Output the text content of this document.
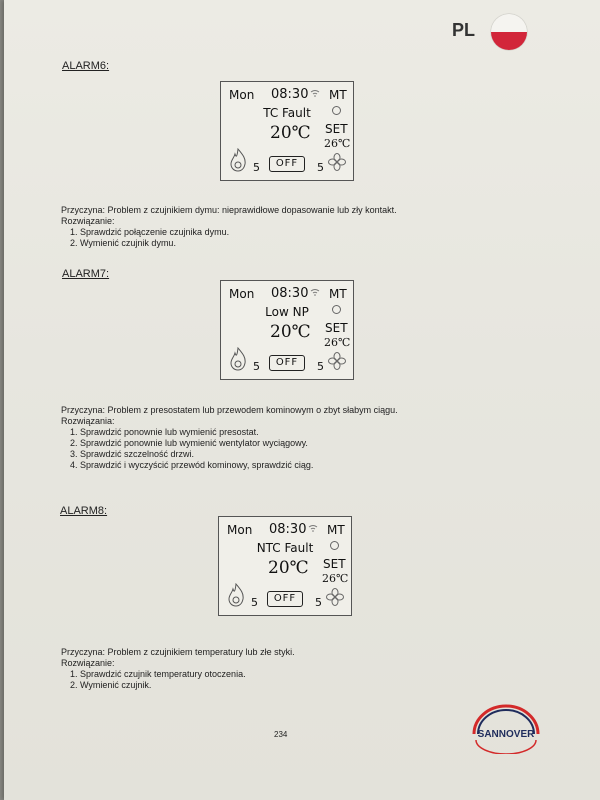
PL
ALARM6:
Mon 08:30 MT
TC Fault
20℃ SET
26℃
5	OFF	5

Przyczyna: Problem z czujnikiem dymu: nieprawidłowe dopasowanie lub zły kontakt.

Rozwiązanie:

1. Sprawdzić połączenie czujnika dymu.
2. Wymienić czujnik dymu.
ALARM7:
Mon 08:30 MT
Low NP
20℃ SET
26℃
5	OFF	5

Przyczyna: Problem z presostatem lub przewodem kominowym o zbyt słabym ciągu.

Rozwiązania:

1. Sprawdzić ponownie lub wymienić presostat.
2. Sprawdzić ponownie lub wymienić wentylator wyciągowy.
3. Sprawdzić szczelność drzwi.
4. Sprawdzić i wyczyścić przewód kominowy, sprawdzić ciąg.
ALARM8:
Mon 08:30 MT
NTC Fault
20℃ SET
26℃
5	OFF	5

Przyczyna: Problem z czujnikiem temperatury lub złe styki.

Rozwiązanie:

1. Sprawdzić czujnik temperatury otoczenia.
2. Wymienić czujnik.
234	SANNOVER
